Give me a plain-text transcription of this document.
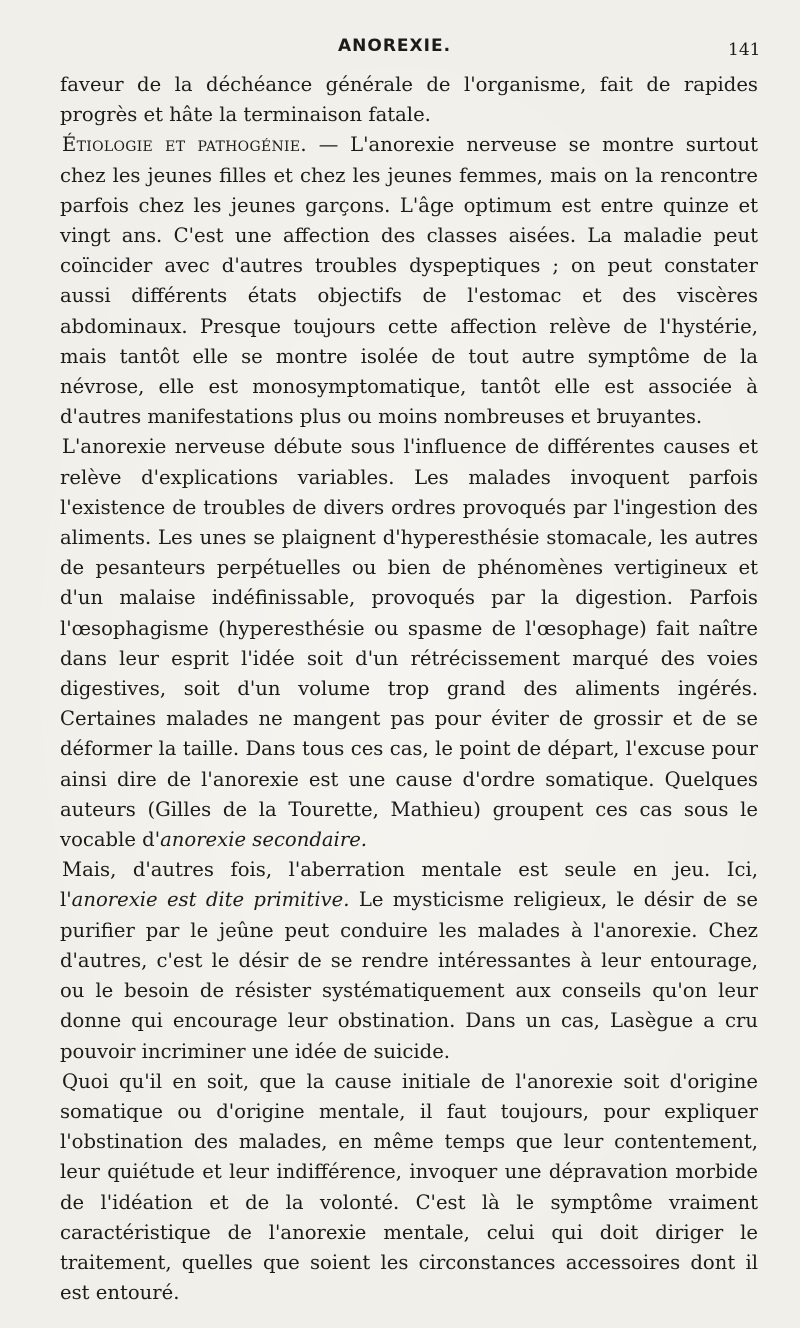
ANOREXIE.	141

faveur de la déchéance générale de l'organisme, fait de rapides progrès et hâte la terminaison fatale.

Étiologie et pathogénie. — L'anorexie nerveuse se montre surtout chez les jeunes filles et chez les jeunes femmes, mais on la rencontre parfois chez les jeunes garçons. L'âge optimum est entre quinze et vingt ans. C'est une affection des classes aisées. La maladie peut coïncider avec d'autres troubles dyspeptiques ; on peut constater aussi différents états objectifs de l'estomac et des viscères abdominaux. Presque toujours cette affection relève de l'hystérie, mais tantôt elle se montre isolée de tout autre symptôme de la névrose, elle est monosymptomatique, tantôt elle est associée à d'autres manifestations plus ou moins nombreuses et bruyantes.

L'anorexie nerveuse débute sous l'influence de différentes causes et relève d'explications variables. Les malades invoquent parfois l'existence de troubles de divers ordres provoqués par l'ingestion des aliments. Les unes se plaignent d'hyperesthésie stomacale, les autres de pesanteurs perpétuelles ou bien de phénomènes vertigineux et d'un malaise indéfinissable, provoqués par la digestion. Parfois l'œsophagisme (hyperesthésie ou spasme de l'œsophage) fait naître dans leur esprit l'idée soit d'un rétrécissement marqué des voies digestives, soit d'un volume trop grand des aliments ingérés. Certaines malades ne mangent pas pour éviter de grossir et de se déformer la taille. Dans tous ces cas, le point de départ, l'excuse pour ainsi dire de l'anorexie est une cause d'ordre somatique. Quelques auteurs (Gilles de la Tourette, Mathieu) groupent ces cas sous le vocable d'anorexie secondaire.

Mais, d'autres fois, l'aberration mentale est seule en jeu. Ici, l'anorexie est dite primitive. Le mysticisme religieux, le désir de se purifier par le jeûne peut conduire les malades à l'anorexie. Chez d'autres, c'est le désir de se rendre intéressantes à leur entourage, ou le besoin de résister systématiquement aux conseils qu'on leur donne qui encourage leur obstination. Dans un cas, Lasègue a cru pouvoir incriminer une idée de suicide.

Quoi qu'il en soit, que la cause initiale de l'anorexie soit d'origine somatique ou d'origine mentale, il faut toujours, pour expliquer l'obstination des malades, en même temps que leur contentement, leur quiétude et leur indifférence, invoquer une dépravation morbide de l'idéation et de la volonté. C'est là le symptôme vraiment caractéristique de l'anorexie mentale, celui qui doit diriger le traitement, quelles que soient les circonstances accessoires dont il est entouré.
